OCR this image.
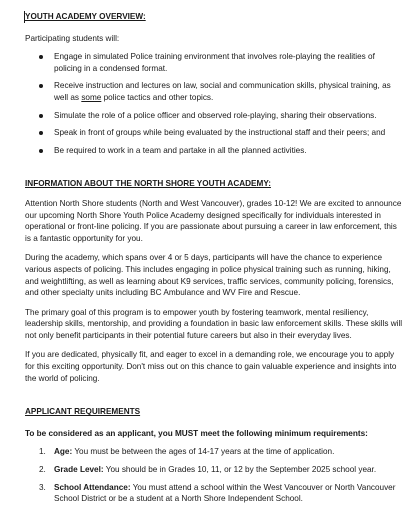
YOUTH ACADEMY OVERVIEW:

Participating students will:

Engage in simulated Police training environment that involves role-playing the realities of policing in a condensed format.
Receive instruction and lectures on law, social and communication skills, physical training, as well as some police tactics and other topics.
Simulate the role of a police officer and observed role-playing, sharing their observations.
Speak in front of groups while being evaluated by the instructional staff and their peers; and
Be required to work in a team and partake in all the planned activities.

INFORMATION ABOUT THE NORTH SHORE YOUTH ACADEMY:

Attention North Shore students (North and West Vancouver), grades 10-12! We are excited to announce our upcoming North Shore Youth Police Academy designed specifically for individuals interested in operational or front-line policing. If you are passionate about pursuing a career in law enforcement, this is a fantastic opportunity for you.

During the academy, which spans over 4 or 5 days, participants will have the chance to experience various aspects of policing. This includes engaging in police physical training such as running, hiking, and weightlifting, as well as learning about K9 services, traffic services, community policing, forensics, and other specialty units including BC Ambulance and WV Fire and Rescue.

The primary goal of this program is to empower youth by fostering teamwork, mental resiliency, leadership skills, mentorship, and providing a foundation in basic law enforcement skills. These skills will not only benefit participants in their potential future careers but also in their everyday lives.

If you are dedicated, physically fit, and eager to excel in a demanding role, we encourage you to apply for this exciting opportunity. Don't miss out on this chance to gain valuable experience and insights into the world of policing.

APPLICANT REQUIREMENTS

To be considered as an applicant, you MUST meet the following minimum requirements:

1. Age: You must be between the ages of 14-17 years at the time of application.
2. Grade Level: You should be in Grades 10, 11, or 12 by the September 2025 school year.
3. School Attendance: You must attend a school within the West Vancouver or North Vancouver School District or be a student at a North Shore Independent School.
